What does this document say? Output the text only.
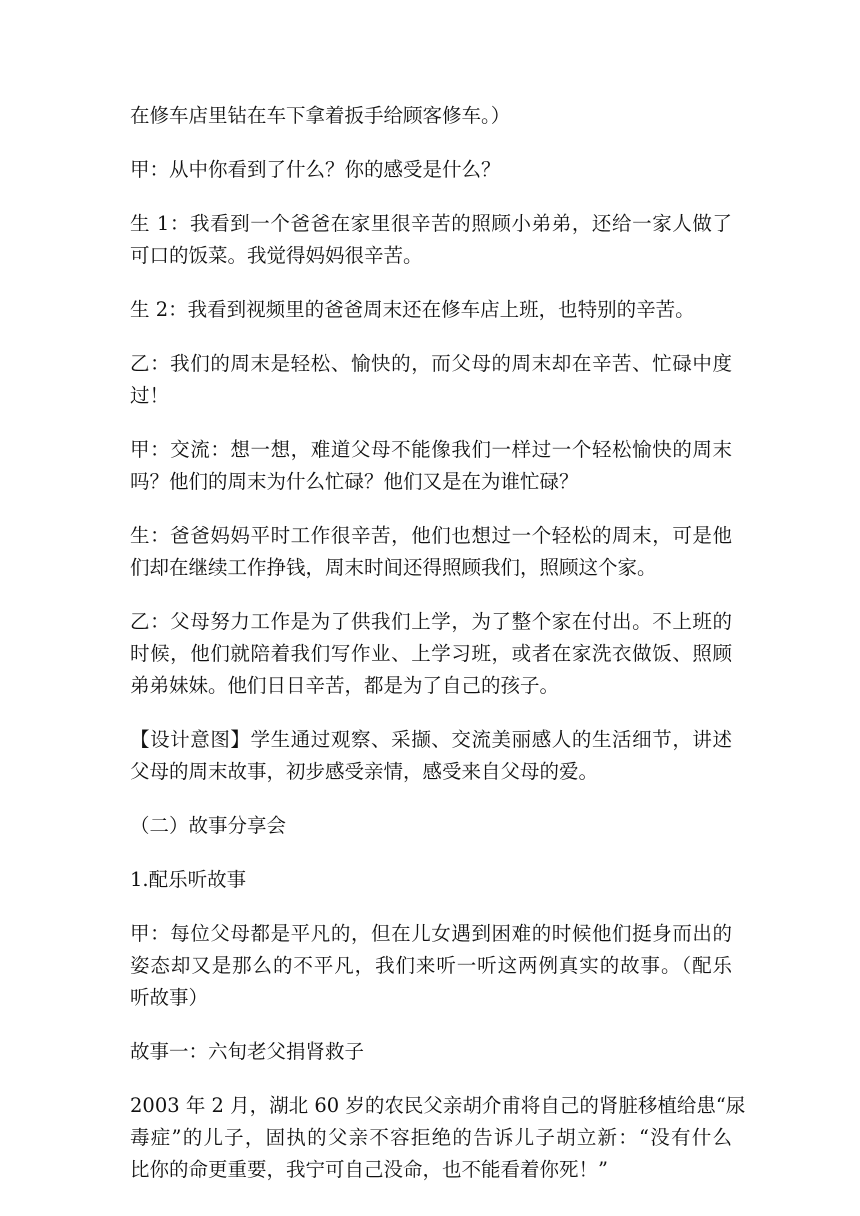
在修车店里钻在车下拿着扳手给顾客修车。）
甲：从中你看到了什么？你的感受是什么？
生 1：我看到一个爸爸在家里很辛苦的照顾小弟弟，还给一家人做了
可口的饭菜。我觉得妈妈很辛苦。
生 2：我看到视频里的爸爸周末还在修车店上班，也特别的辛苦。
乙：我们的周末是轻松、愉快的，而父母的周末却在辛苦、忙碌中度
过！
甲：交流：想一想，难道父母不能像我们一样过一个轻松愉快的周末
吗？他们的周末为什么忙碌？他们又是在为谁忙碌？
生：爸爸妈妈平时工作很辛苦，他们也想过一个轻松的周末，可是他
们却在继续工作挣钱，周末时间还得照顾我们，照顾这个家。
乙：父母努力工作是为了供我们上学，为了整个家在付出。不上班的
时候，他们就陪着我们写作业、上学习班，或者在家洗衣做饭、照顾
弟弟妹妹。他们日日辛苦，都是为了自己的孩子。
【设计意图】学生通过观察、采撷、交流美丽感人的生活细节，讲述
父母的周末故事，初步感受亲情，感受来自父母的爱。
（二）故事分享会
1.配乐听故事
甲：每位父母都是平凡的，但在儿女遇到困难的时候他们挺身而出的
姿态却又是那么的不平凡，我们来听一听这两例真实的故事。（配乐
听故事）
故事一：六旬老父捐肾救子
2003 年 2 月，湖北 60 岁的农民父亲胡介甫将自己的肾脏移植给患“尿
毒症”的儿子，固执的父亲不容拒绝的告诉儿子胡立新：“没有什么
比你的命更重要，我宁可自己没命，也不能看着你死！”
